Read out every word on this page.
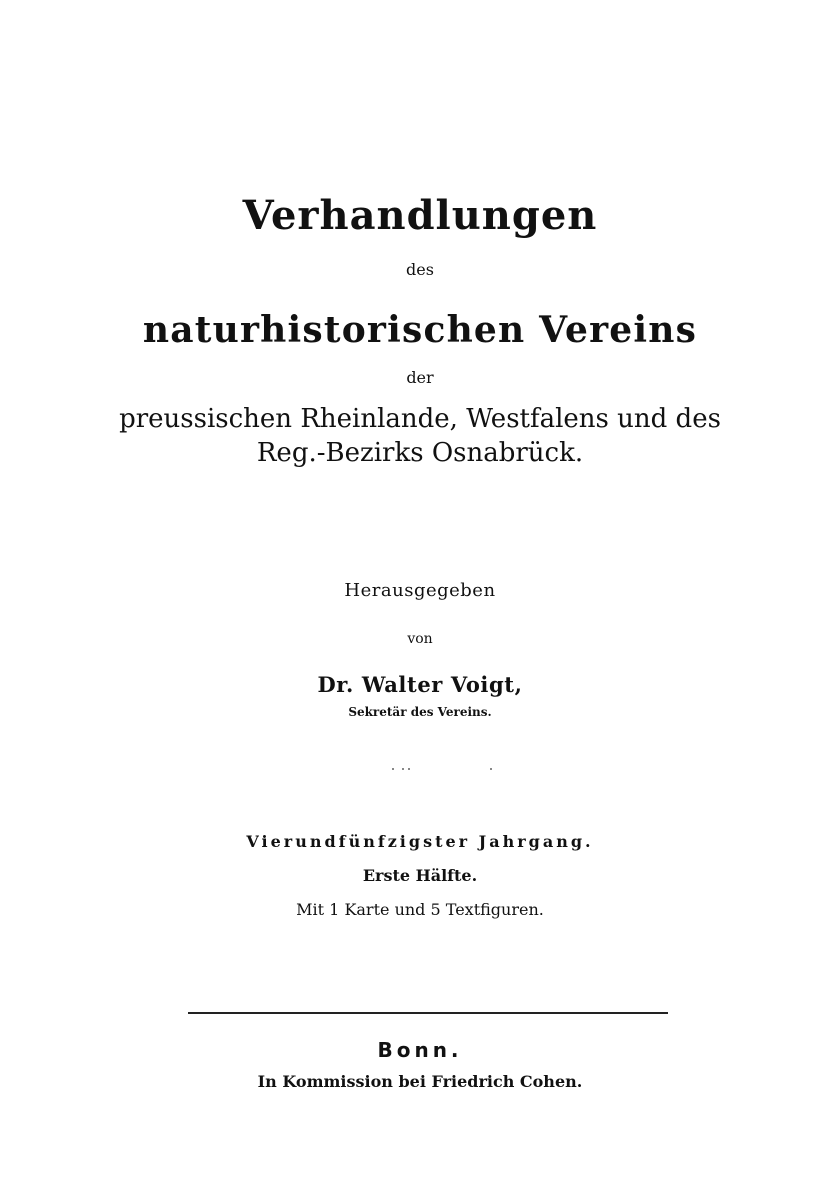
Verhandlungen
des
naturhistorischen Vereins
der
preussischen Rheinlande, Westfalens und des
Reg.-Bezirks Osnabrück.
Herausgegeben
von
Dr. Walter Voigt,
Sekretär des Vereins.
Vierundfünfzigster Jahrgang.
Erste Hälfte.
Mit 1 Karte und 5 Textfiguren.
Bonn.
In Kommission bei Friedrich Cohen.
